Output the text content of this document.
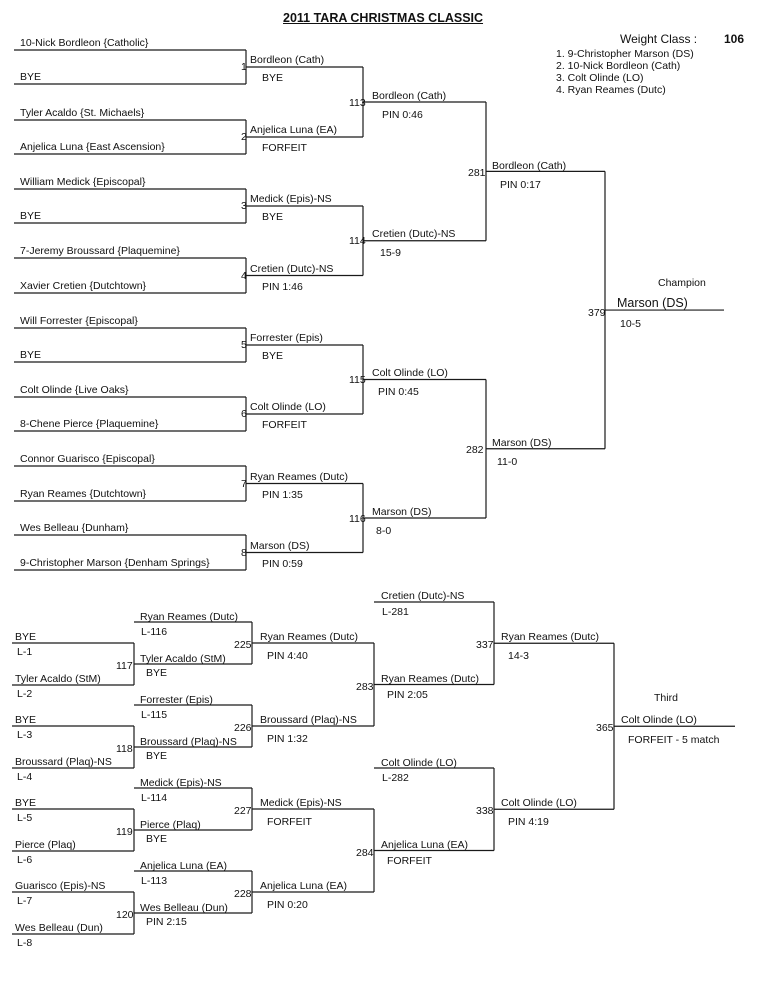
2011 TARA CHRISTMAS CLASSIC
Weight Class : 106
1. 9-Christopher Marson (DS)
2. 10-Nick Bordleon (Cath)
3. Colt Olinde (LO)
4. Ryan Reames (Dutc)
10-Nick Bordleon {Catholic}
BYE
Tyler Acaldo {St. Michaels}
Anjelica Luna {East Ascension}
William Medick {Episcopal}
BYE
7-Jeremy Broussard {Plaquemine}
Xavier Cretien {Dutchtown}
Will Forrester {Episcopal}
BYE
Colt Olinde {Live Oaks}
8-Chene Pierce {Plaquemine}
Connor Guarisco {Episcopal}
Ryan Reames {Dutchtown}
Wes Belleau {Dunham}
9-Christopher Marson {Denham Springs}
1
Bordleon (Cath)
BYE
2
Anjelica Luna (EA)
FORFEIT
3
Medick (Epis)-NS
BYE
4
Cretien (Dutc)-NS
PIN 1:46
5
Forrester (Epis)
BYE
6
Colt Olinde (LO)
FORFEIT
7
Ryan Reames (Dutc)
PIN 1:35
8
Marson (DS)
PIN 0:59
113
Bordleon (Cath)
PIN 0:46
114
Cretien (Dutc)-NS
15-9
115
Colt Olinde (LO)
PIN 0:45
116
Marson (DS)
8-0
281
Bordleon (Cath)
PIN 0:17
282
Marson (DS)
11-0
Champion
379
Marson (DS)
10-5
BYE
L-1
Tyler Acaldo (StM)
L-2
BYE
L-3
Broussard (Plaq)-NS
L-4
BYE
L-5
Pierce (Plaq)
L-6
Guarisco (Epis)-NS
L-7
Wes Belleau (Dun)
L-8
117
Tyler Acaldo (StM)
BYE
118
Broussard (Plaq)-NS
BYE
119
Pierce (Plaq)
BYE
120
Wes Belleau (Dun)
PIN 2:15
Ryan Reames (Dutc)
L-116
Forrester (Epis)
L-115
Medick (Epis)-NS
L-114
Anjelica Luna (EA)
L-113
225
Ryan Reames (Dutc)
PIN 4:40
226
Broussard (Plaq)-NS
PIN 1:32
227
Medick (Epis)-NS
FORFEIT
228
Anjelica Luna (EA)
PIN 0:20
283
Ryan Reames (Dutc)
PIN 2:05
284
Anjelica Luna (EA)
FORFEIT
Cretien (Dutc)-NS
L-281
Colt Olinde (LO)
L-282
337
Ryan Reames (Dutc)
14-3
338
Colt Olinde (LO)
PIN 4:19
Third
365
Colt Olinde (LO)
FORFEIT - 5 match
